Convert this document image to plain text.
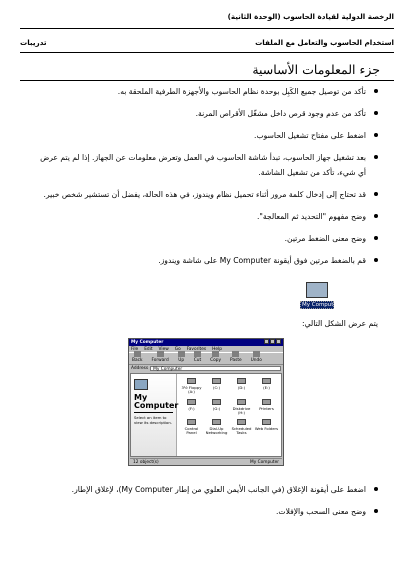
الرخصة الدولية لقيادة الحاسوب (الوحدة الثانية)
استخدام الحاسوب والتعامل مع الملفات
تدريبات
جزء المعلومات الأساسية
تأكد من توصيل جميع الكَبِل بوحدة نظام الحاسوب والأجهزة الطرفية الملحقة به.
تأكد من عدم وجود قرص داخل مشغّل الأقراص المرنة.
اضغط على مفتاح تشغيل الحاسوب.
بعد تشغيل جهاز الحاسوب، تبدأ شاشة الحاسوب في العمل وتعرض معلومات عن الجهاز. إذا لم يتم عرض أي شيء، تأكد من تشغيل الشاشة.
قد تحتاج إلى إدخال كلمة مرور أثناء تحميل نظام ويندوز، في هذه الحالة، يفضل أن تستشير شخص خبير.
وضح مفهوم "التحديد ثم المعالجة".
وضح معنى الضغط مرتين.
قم بالضغط مرتين فوق أيقونة My Computer على شاشة ويندوز.
My Computer
يتم عرض الشكل التالي:
My Computer
File Edit View Go Favorites Help
Back Forward Up Cut Copy Paste Undo
Address	My Computer
My
Computer
Select an item to view its description.
3½ Floppy (A:)
(C:)	(D:)	(E:)
(F:)	(G:)	Diskdrive (H:)
Printers
Control Panel
Dial-Up Networking
Scheduled Tasks
Web Folders
12 object(s)	My Computer
اضغط على أيقونة الإغلاق (في الجانب الأيمن العلوي من إطار My Computer)، لإغلاق الإطار.
وضح معنى السحب والإفلات.
